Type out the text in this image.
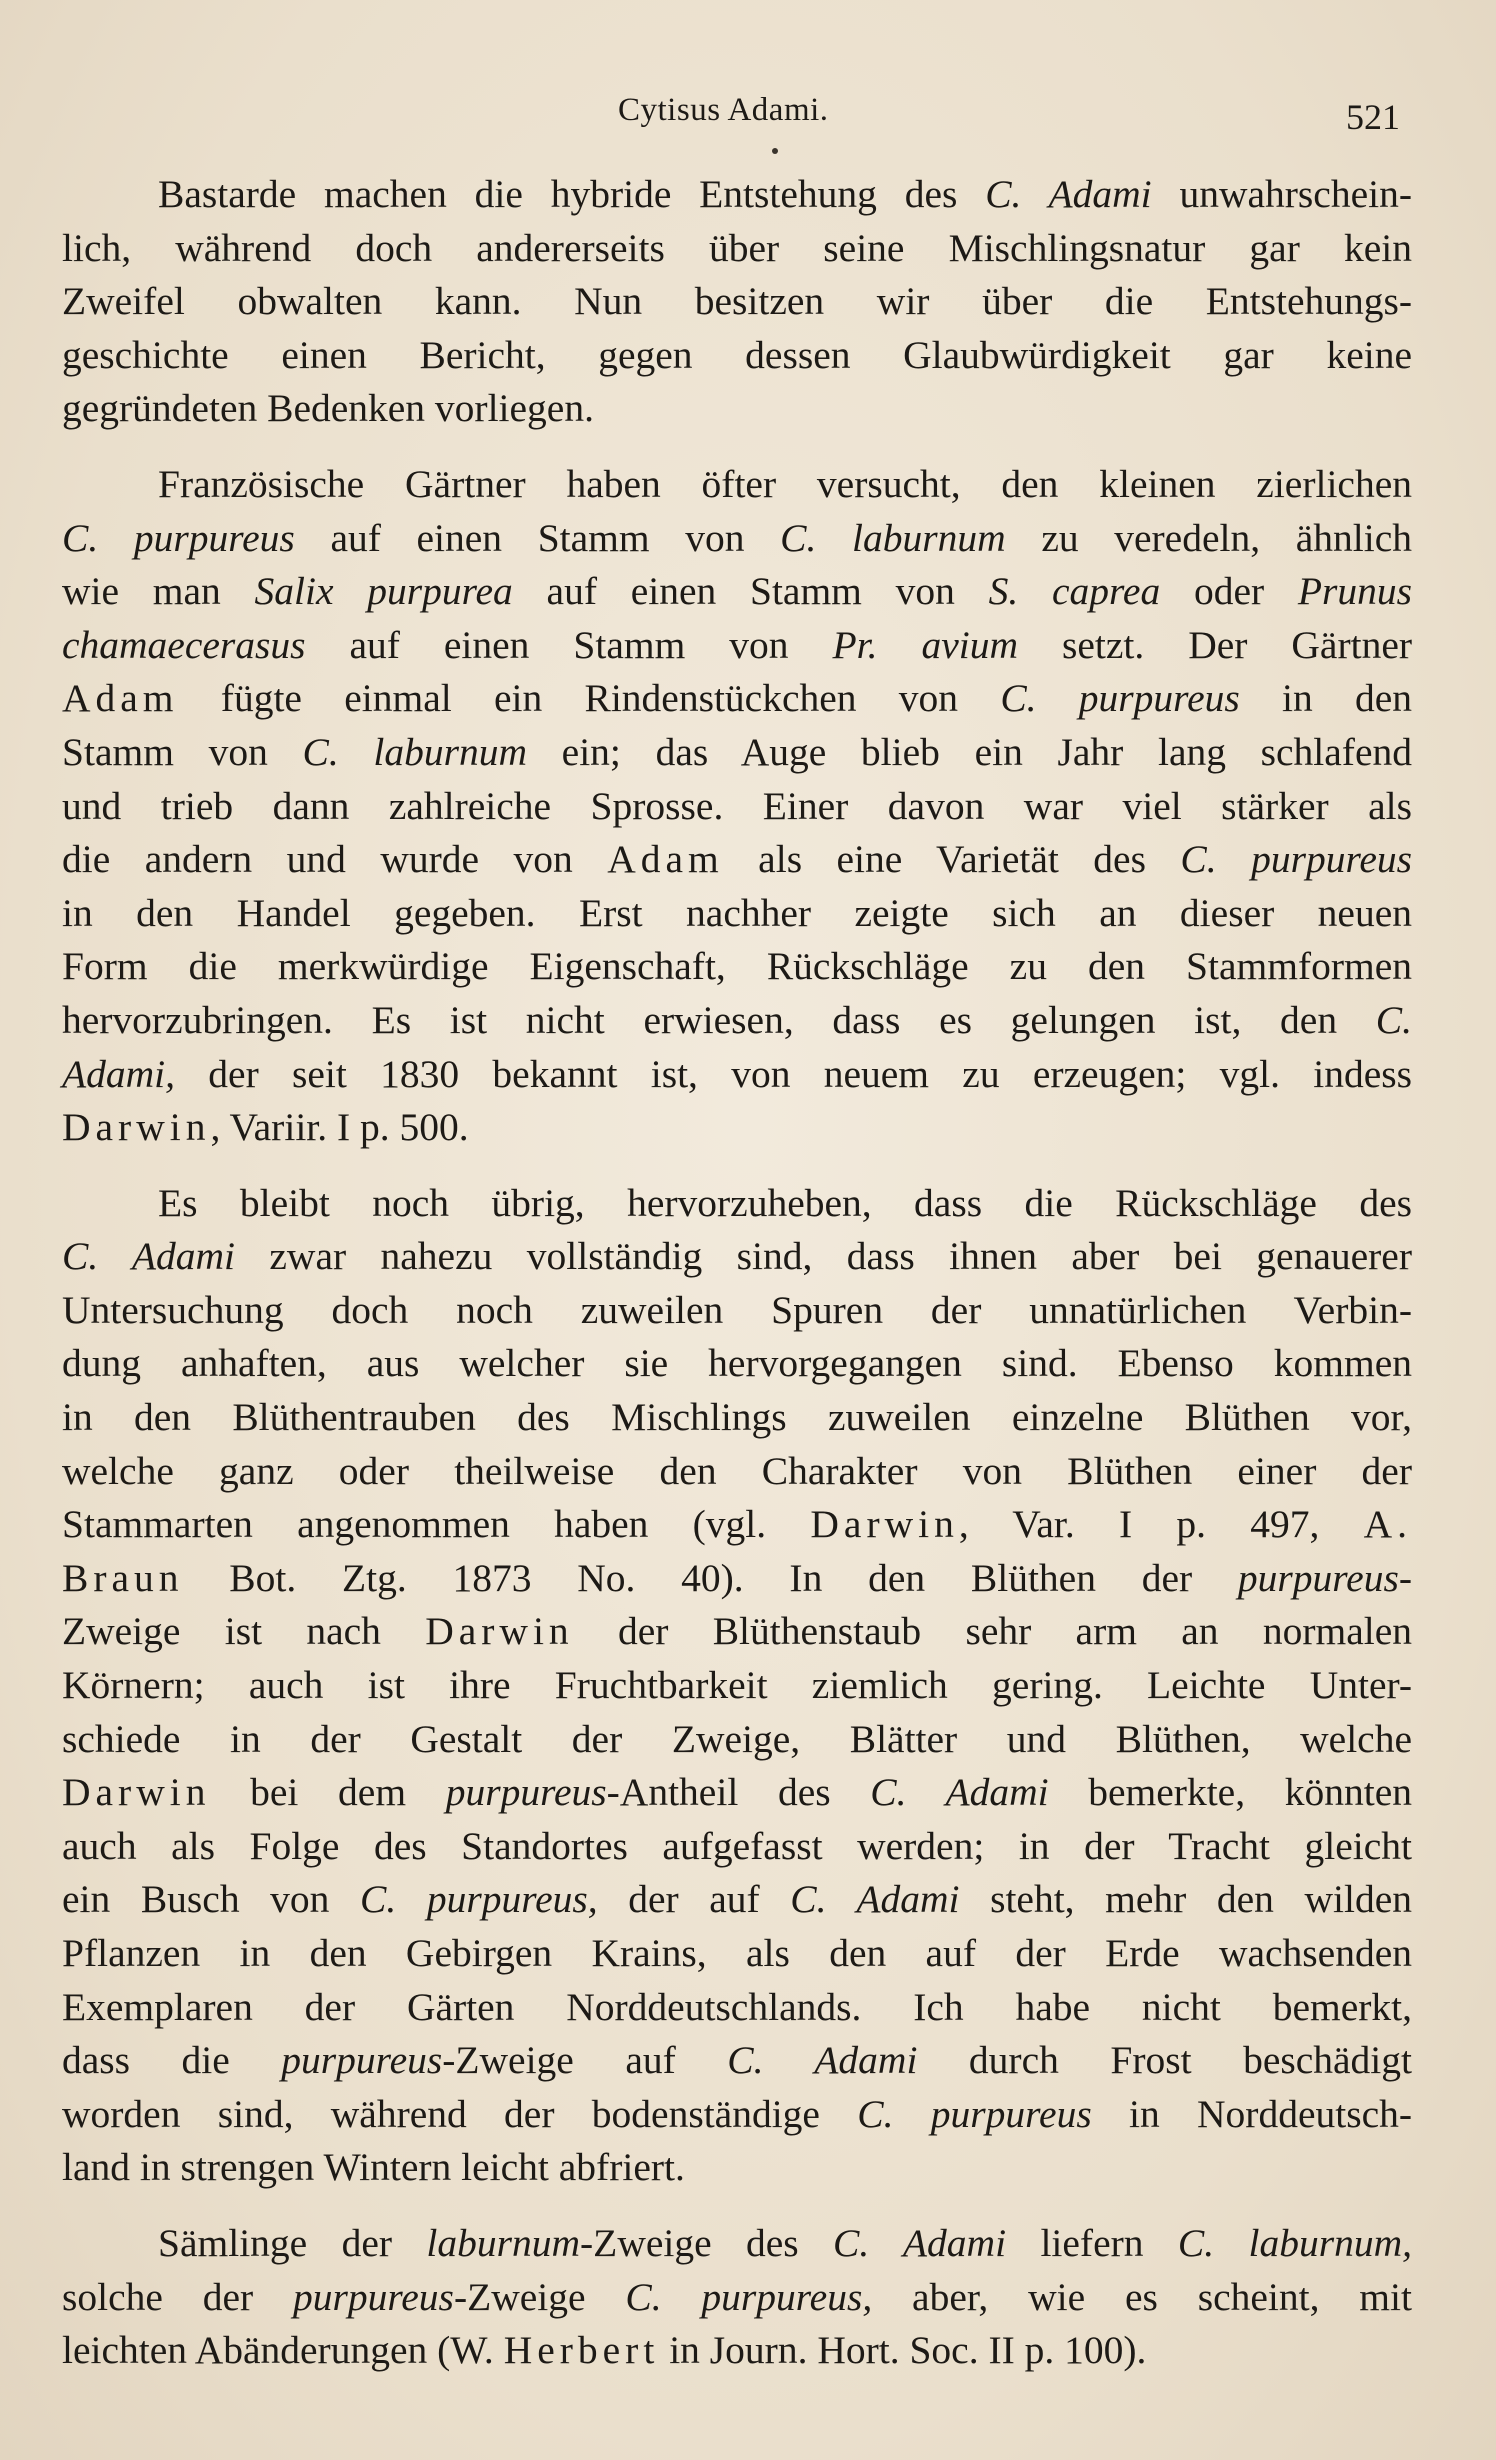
Cytisus Adami.	521

Bastarde machen die hybride Entstehung des C. Adami unwahrschein-
lich, während doch andererseits über seine Mischlingsnatur gar kein
Zweifel obwalten kann. Nun besitzen wir über die Entstehungs-
geschichte einen Bericht, gegen dessen Glaubwürdigkeit gar keine
gegründeten Bedenken vorliegen.

Französische Gärtner haben öfter versucht, den kleinen zierlichen
C. purpureus auf einen Stamm von C. laburnum zu veredeln, ähnlich
wie man Salix purpurea auf einen Stamm von S. caprea oder Prunus
chamaecerasus auf einen Stamm von Pr. avium setzt. Der Gärtner
Adam fügte einmal ein Rindenstückchen von C. purpureus in den
Stamm von C. laburnum ein; das Auge blieb ein Jahr lang schlafend
und trieb dann zahlreiche Sprosse. Einer davon war viel stärker als
die andern und wurde von Adam als eine Varietät des C. purpureus
in den Handel gegeben. Erst nachher zeigte sich an dieser neuen
Form die merkwürdige Eigenschaft, Rückschläge zu den Stammformen
hervorzubringen. Es ist nicht erwiesen, dass es gelungen ist, den C.
Adami, der seit 1830 bekannt ist, von neuem zu erzeugen; vgl. indess
Darwin, Variir. I p. 500.

Es bleibt noch übrig, hervorzuheben, dass die Rückschläge des
C. Adami zwar nahezu vollständig sind, dass ihnen aber bei genauerer
Untersuchung doch noch zuweilen Spuren der unnatürlichen Verbin-
dung anhaften, aus welcher sie hervorgegangen sind. Ebenso kommen
in den Blüthentrauben des Mischlings zuweilen einzelne Blüthen vor,
welche ganz oder theilweise den Charakter von Blüthen einer der
Stammarten angenommen haben (vgl. Darwin, Var. I p. 497, A.
Braun Bot. Ztg. 1873 No. 40). In den Blüthen der purpureus-
Zweige ist nach Darwin der Blüthenstaub sehr arm an normalen
Körnern; auch ist ihre Fruchtbarkeit ziemlich gering. Leichte Unter-
schiede in der Gestalt der Zweige, Blätter und Blüthen, welche
Darwin bei dem purpureus-Antheil des C. Adami bemerkte, könnten
auch als Folge des Standortes aufgefasst werden; in der Tracht gleicht
ein Busch von C. purpureus, der auf C. Adami steht, mehr den wilden
Pflanzen in den Gebirgen Krains, als den auf der Erde wachsenden
Exemplaren der Gärten Norddeutschlands. Ich habe nicht bemerkt,
dass die purpureus-Zweige auf C. Adami durch Frost beschädigt
worden sind, während der bodenständige C. purpureus in Norddeutsch-
land in strengen Wintern leicht abfriert.

Sämlinge der laburnum-Zweige des C. Adami liefern C. laburnum,
solche der purpureus-Zweige C. purpureus, aber, wie es scheint, mit
leichten Abänderungen (W. Herbert in Journ. Hort. Soc. II p. 100).
